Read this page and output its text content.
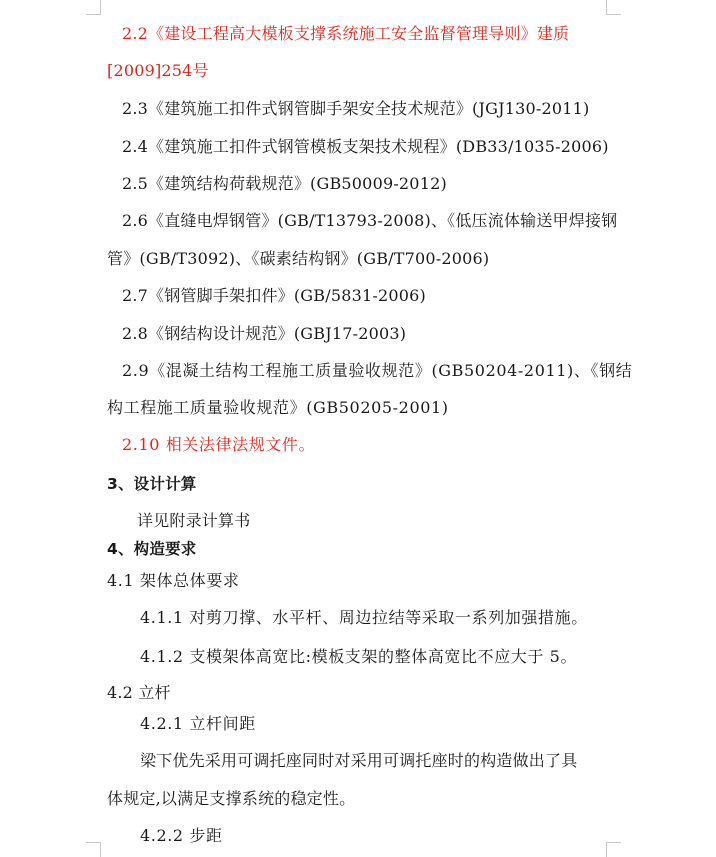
2.2《建设工程高大模板支撑系统施工安全监督管理导则》建质
[2009]254号
2.3《建筑施工扣件式钢管脚手架安全技术规范》(JGJ130-2011)
2.4《建筑施工扣件式钢管模板支架技术规程》(DB33/1035-2006)
2.5《建筑结构荷载规范》(GB50009-2012)
2.6《直缝电焊钢管》(GB/T13793-2008)、《低压流体输送甲焊接钢
管》(GB/T3092)、《碳素结构钢》(GB/T700-2006)
2.7《钢管脚手架扣件》(GB/5831-2006)
2.8《钢结构设计规范》(GBJ17-2003)
2.9《混凝土结构工程施工质量验收规范》(GB50204-2011)、《钢结
构工程施工质量验收规范》(GB50205-2001)
2.10 相关法律法规文件。
3、设计计算
详见附录计算书
4、构造要求
4.1 架体总体要求
4.1.1 对剪刀撑、水平杆、周边拉结等采取一系列加强措施。
4.1.2 支模架体高宽比:模板支架的整体高宽比不应大于 5。
4.2 立杆
4.2.1 立杆间距
梁下优先采用可调托座同时对采用可调托座时的构造做出了具
体规定,以满足支撑系统的稳定性。
4.2.2 步距
